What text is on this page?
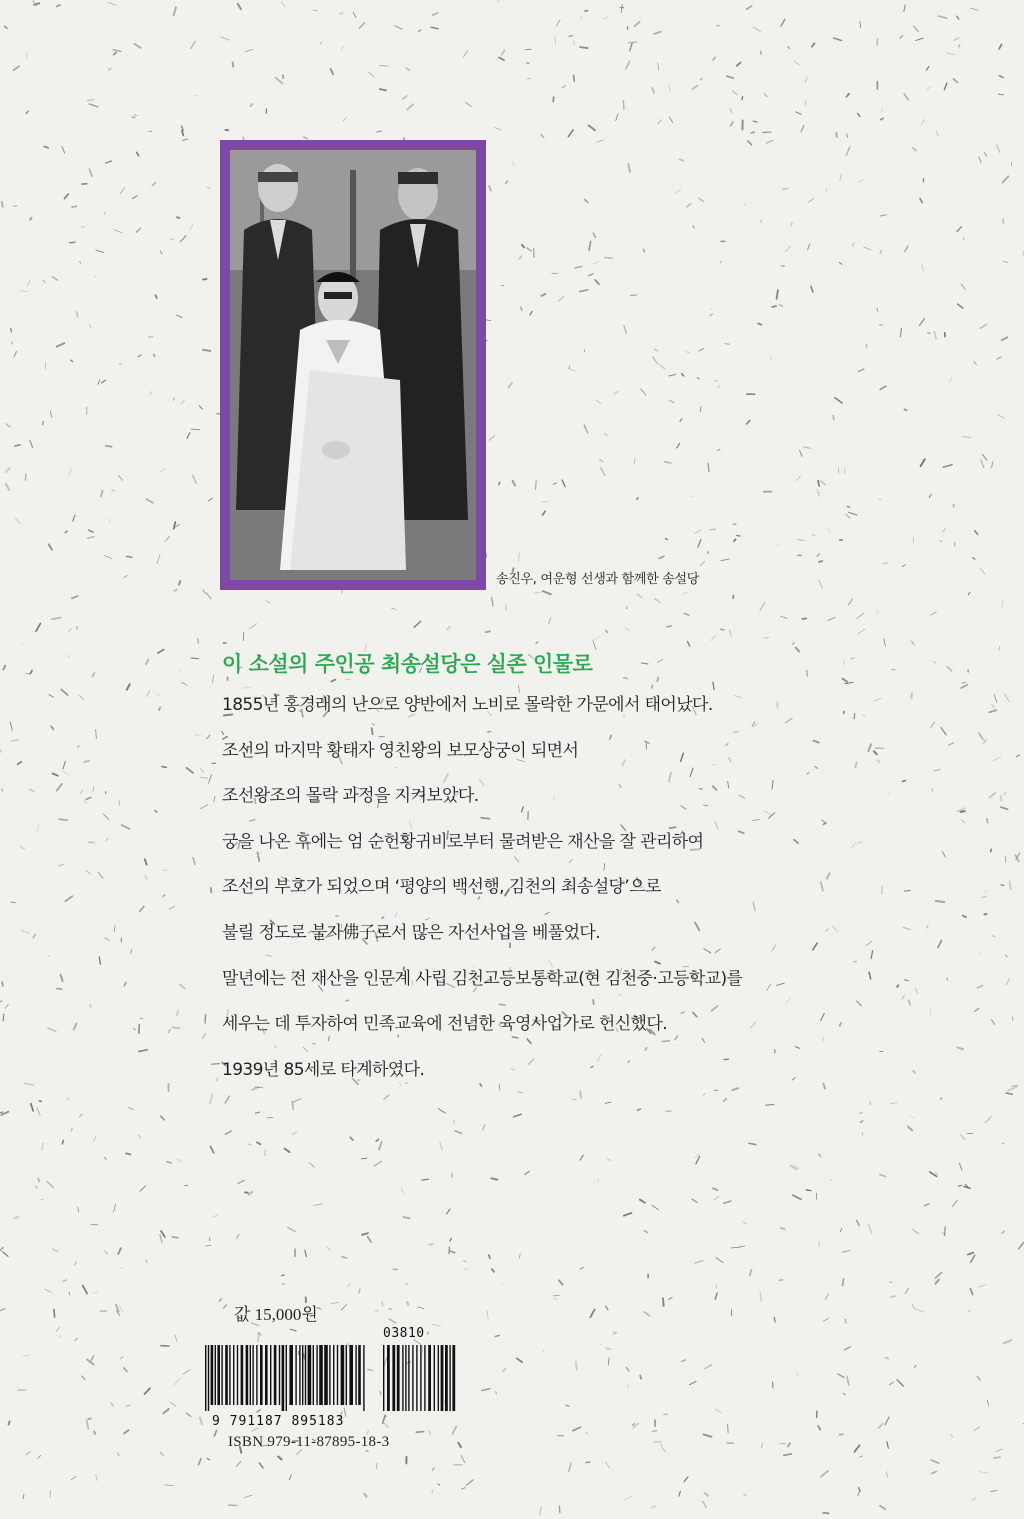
송진우, 여운형 선생과 함께한 송설당
이 소설의 주인공 최송설당은 실존 인물로
1855년 홍경래의 난으로 양반에서 노비로 몰락한 가문에서 태어났다.
조선의 마지막 황태자 영친왕의 보모상궁이 되면서
조선왕조의 몰락 과정을 지켜보았다.
궁을 나온 후에는 엄 순헌황귀비로부터 물려받은 재산을 잘 관리하여
조선의 부호가 되었으며 ‘평양의 백선행, 김천의 최송설당’으로
불릴 정도로 불자佛子로서 많은 자선사업을 베풀었다.
말년에는 전 재산을 인문계 사립 김천고등보통학교(현 김천중·고등학교)를
세우는 데 투자하여 민족교육에 전념한 육영사업가로 헌신했다.
1939년 85세로 타계하였다.
값 15,000원
03810
9 791187 895183
ISBN 979-11-87895-18-3
